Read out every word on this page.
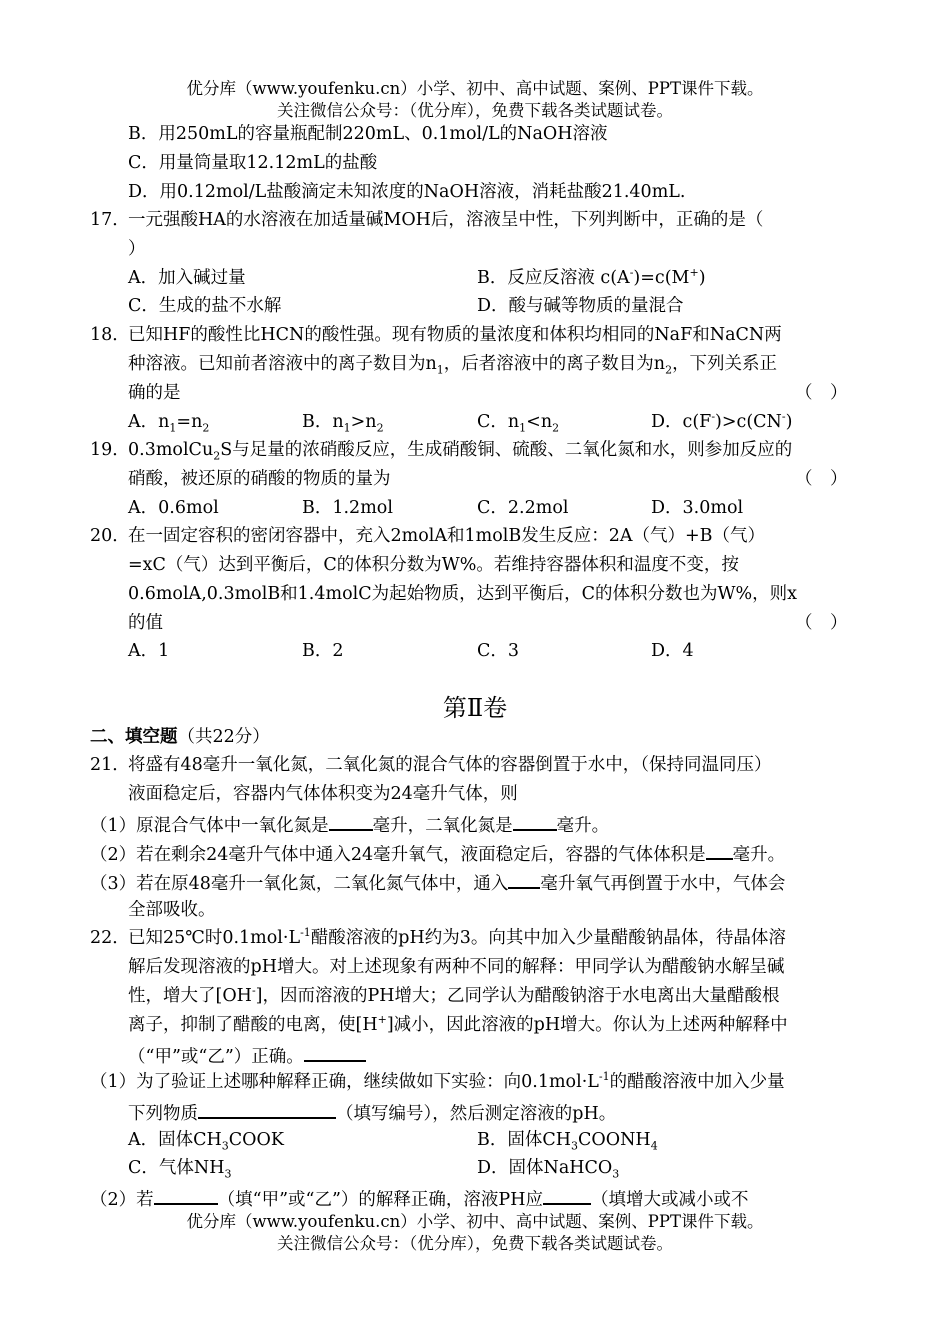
优分库（www.youfenku.cn）小学、初中、高中试题、案例、PPT课件下载。
关注微信公众号：（优分库），免费下载各类试题试卷。
B．用250mL的容量瓶配制220mL、0.1mol/L的NaOH溶液
C．用量筒量取12.12mL的盐酸
D．用0.12mol/L盐酸滴定未知浓度的NaOH溶液，消耗盐酸21.40mL.
17．
一元强酸HA的水溶液在加适量碱MOH后，溶液呈中性，下列判断中，正确的是（
）
A．加入碱过量	B．反应反溶液 c(A-)=c(M+)
C．生成的盐不水解	D．酸与碱等物质的量混合
18．
已知HF的酸性比HCN的酸性强。现有物质的量浓度和体积均相同的NaF和NaCN两
种溶液。已知前者溶液中的离子数目为$n_1$，后者溶液中的离子数目为$n_2$，下列关系正
确的是	（　）
A．$n_1=n_2$	B．$n_1>n_2$	C．$n_1<n_2$	D．c(F-)>c(CN-)
19．
0.3molCu$_2$S与足量的浓硝酸反应，生成硝酸铜、硫酸、二氧化氮和水，则参加反应的
硝酸，被还原的硝酸的物质的量为	（　）
A．0.6mol	B．1.2mol	C．2.2mol	D．3.0mol
20．
在一固定容积的密闭容器中，充入2molA和1molB发生反应：2A（气）+B（气）
=xC（气）达到平衡后，C的体积分数为W%。若维持容器体积和温度不变，按
0.6molA,0.3molB和1.4molC为起始物质，达到平衡后，C的体积分数也为W%，则x
的值	（　）
A．1	B．2	C．3	D．4
第Ⅱ卷
二、填空题（共22分）
21．
将盛有48毫升一氧化氮，二氧化氮的混合气体的容器倒置于水中，（保持同温同压）
液面稳定后，容器内气体体积变为24毫升气体，则
（1）原混合气体中一氧化氮是	毫升，二氧化氮是	毫升。
（2）若在剩余24毫升气体中通入24毫升氧气，液面稳定后，容器的气体体积是 毫升。
（3）若在原48毫升一氧化氮，二氧化氮气体中，通入 毫升氧气再倒置于水中，气体会
全部吸收。
22．
已知25℃时$0.1mol\cdot L^{-1}$醋酸溶液的pH约为3。向其中加入少量醋酸钠晶体，待晶体溶
解后发现溶液的pH增大。对上述现象有两种不同的解释：甲同学认为醋酸钠水解呈碱
性，增大了[OH-]，因而溶液的PH增大；乙同学认为醋酸钠溶于水电离出大量醋酸根
离子，抑制了醋酸的电离，使[H+]减小，因此溶液的pH增大。你认为上述两种解释中
（“甲”或“乙”）正确。
（1）为了验证上述哪种解释正确，继续做如下实验：向$0.1mol\cdot L^{-1}$的醋酸溶液中加入少量
下列物质	（填写编号），然后测定溶液的pH。
A．固体$CH_3COOK$	B．固体$CH_3COONH_4$
C．气体$NH_3$	D．固体NaHCO$_3$
（2）若	（填“甲”或“乙”）的解释正确，溶液PH应	（填增大或减小或不
优分库（www.youfenku.cn）小学、初中、高中试题、案例、PPT课件下载。
关注微信公众号：（优分库），免费下载各类试题试卷。
